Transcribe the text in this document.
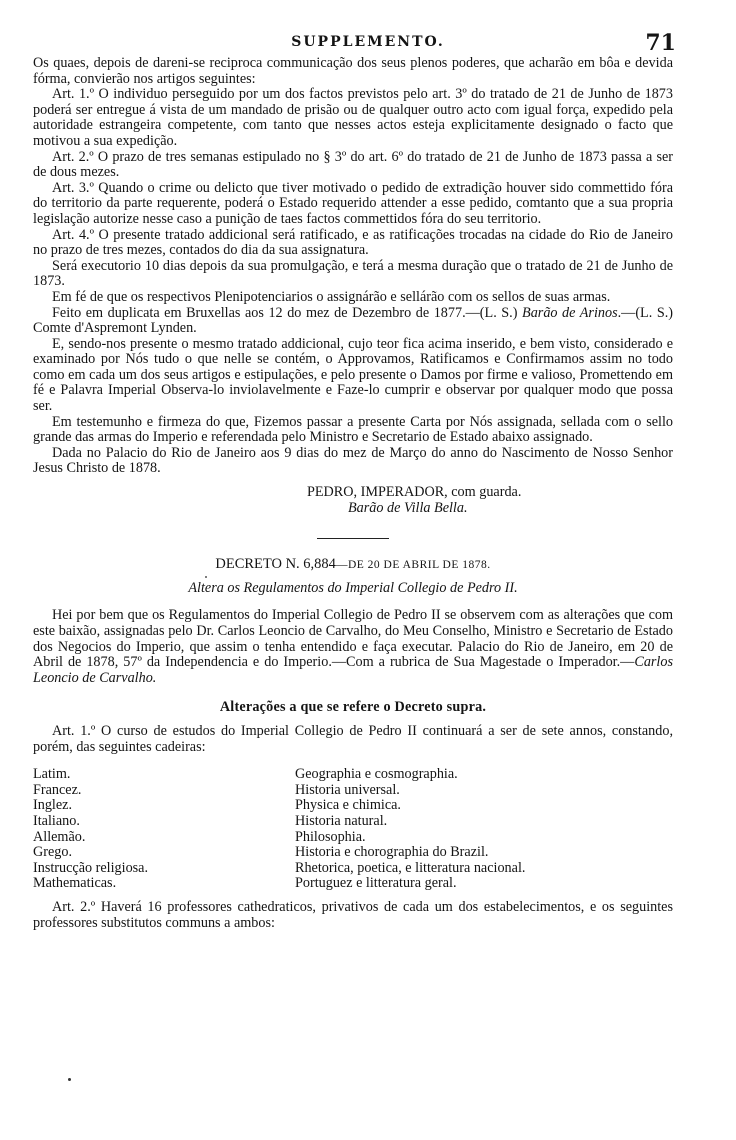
SUPPLEMENTO.	71

Os quaes, depois de dareni-se reciproca communicação dos seus plenos poderes, que acharão em bôa e devida fórma, convierão nos artigos seguintes:

Art. 1.º O individuo perseguido por um dos factos previstos pelo art. 3º do tratado de 21 de Junho de 1873 poderá ser entregue á vista de um mandado de prisão ou de qualquer outro acto com igual força, expedido pela autoridade estrangeira competente, com tanto que nesses actos esteja explicitamente designado o facto que motivou a sua expedição.

Art. 2.º O prazo de tres semanas estipulado no § 3º do art. 6º do tratado de 21 de Junho de 1873 passa a ser de dous mezes.

Art. 3.º Quando o crime ou delicto que tiver motivado o pedido de extradição houver sido commettido fóra do territorio da parte requerente, poderá o Estado requerido attender a esse pedido, comtanto que a sua propria legislação autorize nesse caso a punição de taes factos commettidos fóra do seu territorio.

Art. 4.º O presente tratado addicional será ratificado, e as ratificações trocadas na cidade do Rio de Janeiro no prazo de tres mezes, contados do dia da sua assignatura.

Será executorio 10 dias depois da sua promulgação, e terá a mesma duração que o tratado de 21 de Junho de 1873.

Em fé de que os respectivos Plenipotenciarios o assignárão e sellárão com os sellos de suas armas.

Feito em duplicata em Bruxellas aos 12 do mez de Dezembro de 1877.—(L. S.) Barão de Arinos.—(L. S.) Comte d'Aspremont Lynden.

E, sendo-nos presente o mesmo tratado addicional, cujo teor fica acima inserido, e bem visto, considerado e examinado por Nós tudo o que nelle se contém, o Approvamos, Ratificamos e Confirmamos assim no todo como em cada um dos seus artigos e estipulações, e pelo presente o Damos por firme e valioso, Promettendo em fé e Palavra Imperial Observa-lo inviolavelmente e Faze-lo cumprir e observar por qualquer modo que possa ser.

Em testemunho e firmeza do que, Fizemos passar a presente Carta por Nós assignada, sellada com o sello grande das armas do Imperio e referendada pelo Ministro e Secretario de Estado abaixo assignado.

Dada no Palacio do Rio de Janeiro aos 9 dias do mez de Março do anno do Nascimento de Nosso Senhor Jesus Christo de 1878.

PEDRO, IMPERADOR, com guarda.

Barão de Villa Bella.

DECRETO N. 6,884—DE 20 DE ABRIL DE 1878.

Altera os Regulamentos do Imperial Collegio de Pedro II.

Hei por bem que os Regulamentos do Imperial Collegio de Pedro II se observem com as alterações que com este baixão, assignadas pelo Dr. Carlos Leoncio de Carvalho, do Meu Conselho, Ministro e Secretario de Estado dos Negocios do Imperio, que assim o tenha entendido e faça executar. Palacio do Rio de Janeiro, em 20 de Abril de 1878, 57º da Independencia e do Imperio.—Com a rubrica de Sua Magestade o Imperador.—Carlos Leoncio de Carvalho.

Alterações a que se refere o Decreto supra.

Art. 1.º O curso de estudos do Imperial Collegio de Pedro II continuará a ser de sete annos, constando, porém, das seguintes cadeiras:

Latim.	Geographia e cosmographia.
Francez.	Historia universal.
Inglez.	Physica e chimica.
Italiano.	Historia natural.
Allemão.	Philosophia.
Grego.	Historia e chorographia do Brazil.
Instrucção religiosa.	Rhetorica, poetica, e litteratura nacional.
Mathematicas.	Portuguez e litteratura geral.

Art. 2.º Haverá 16 professores cathedraticos, privativos de cada um dos estabelecimentos, e os seguintes professores substitutos communs a ambos:
